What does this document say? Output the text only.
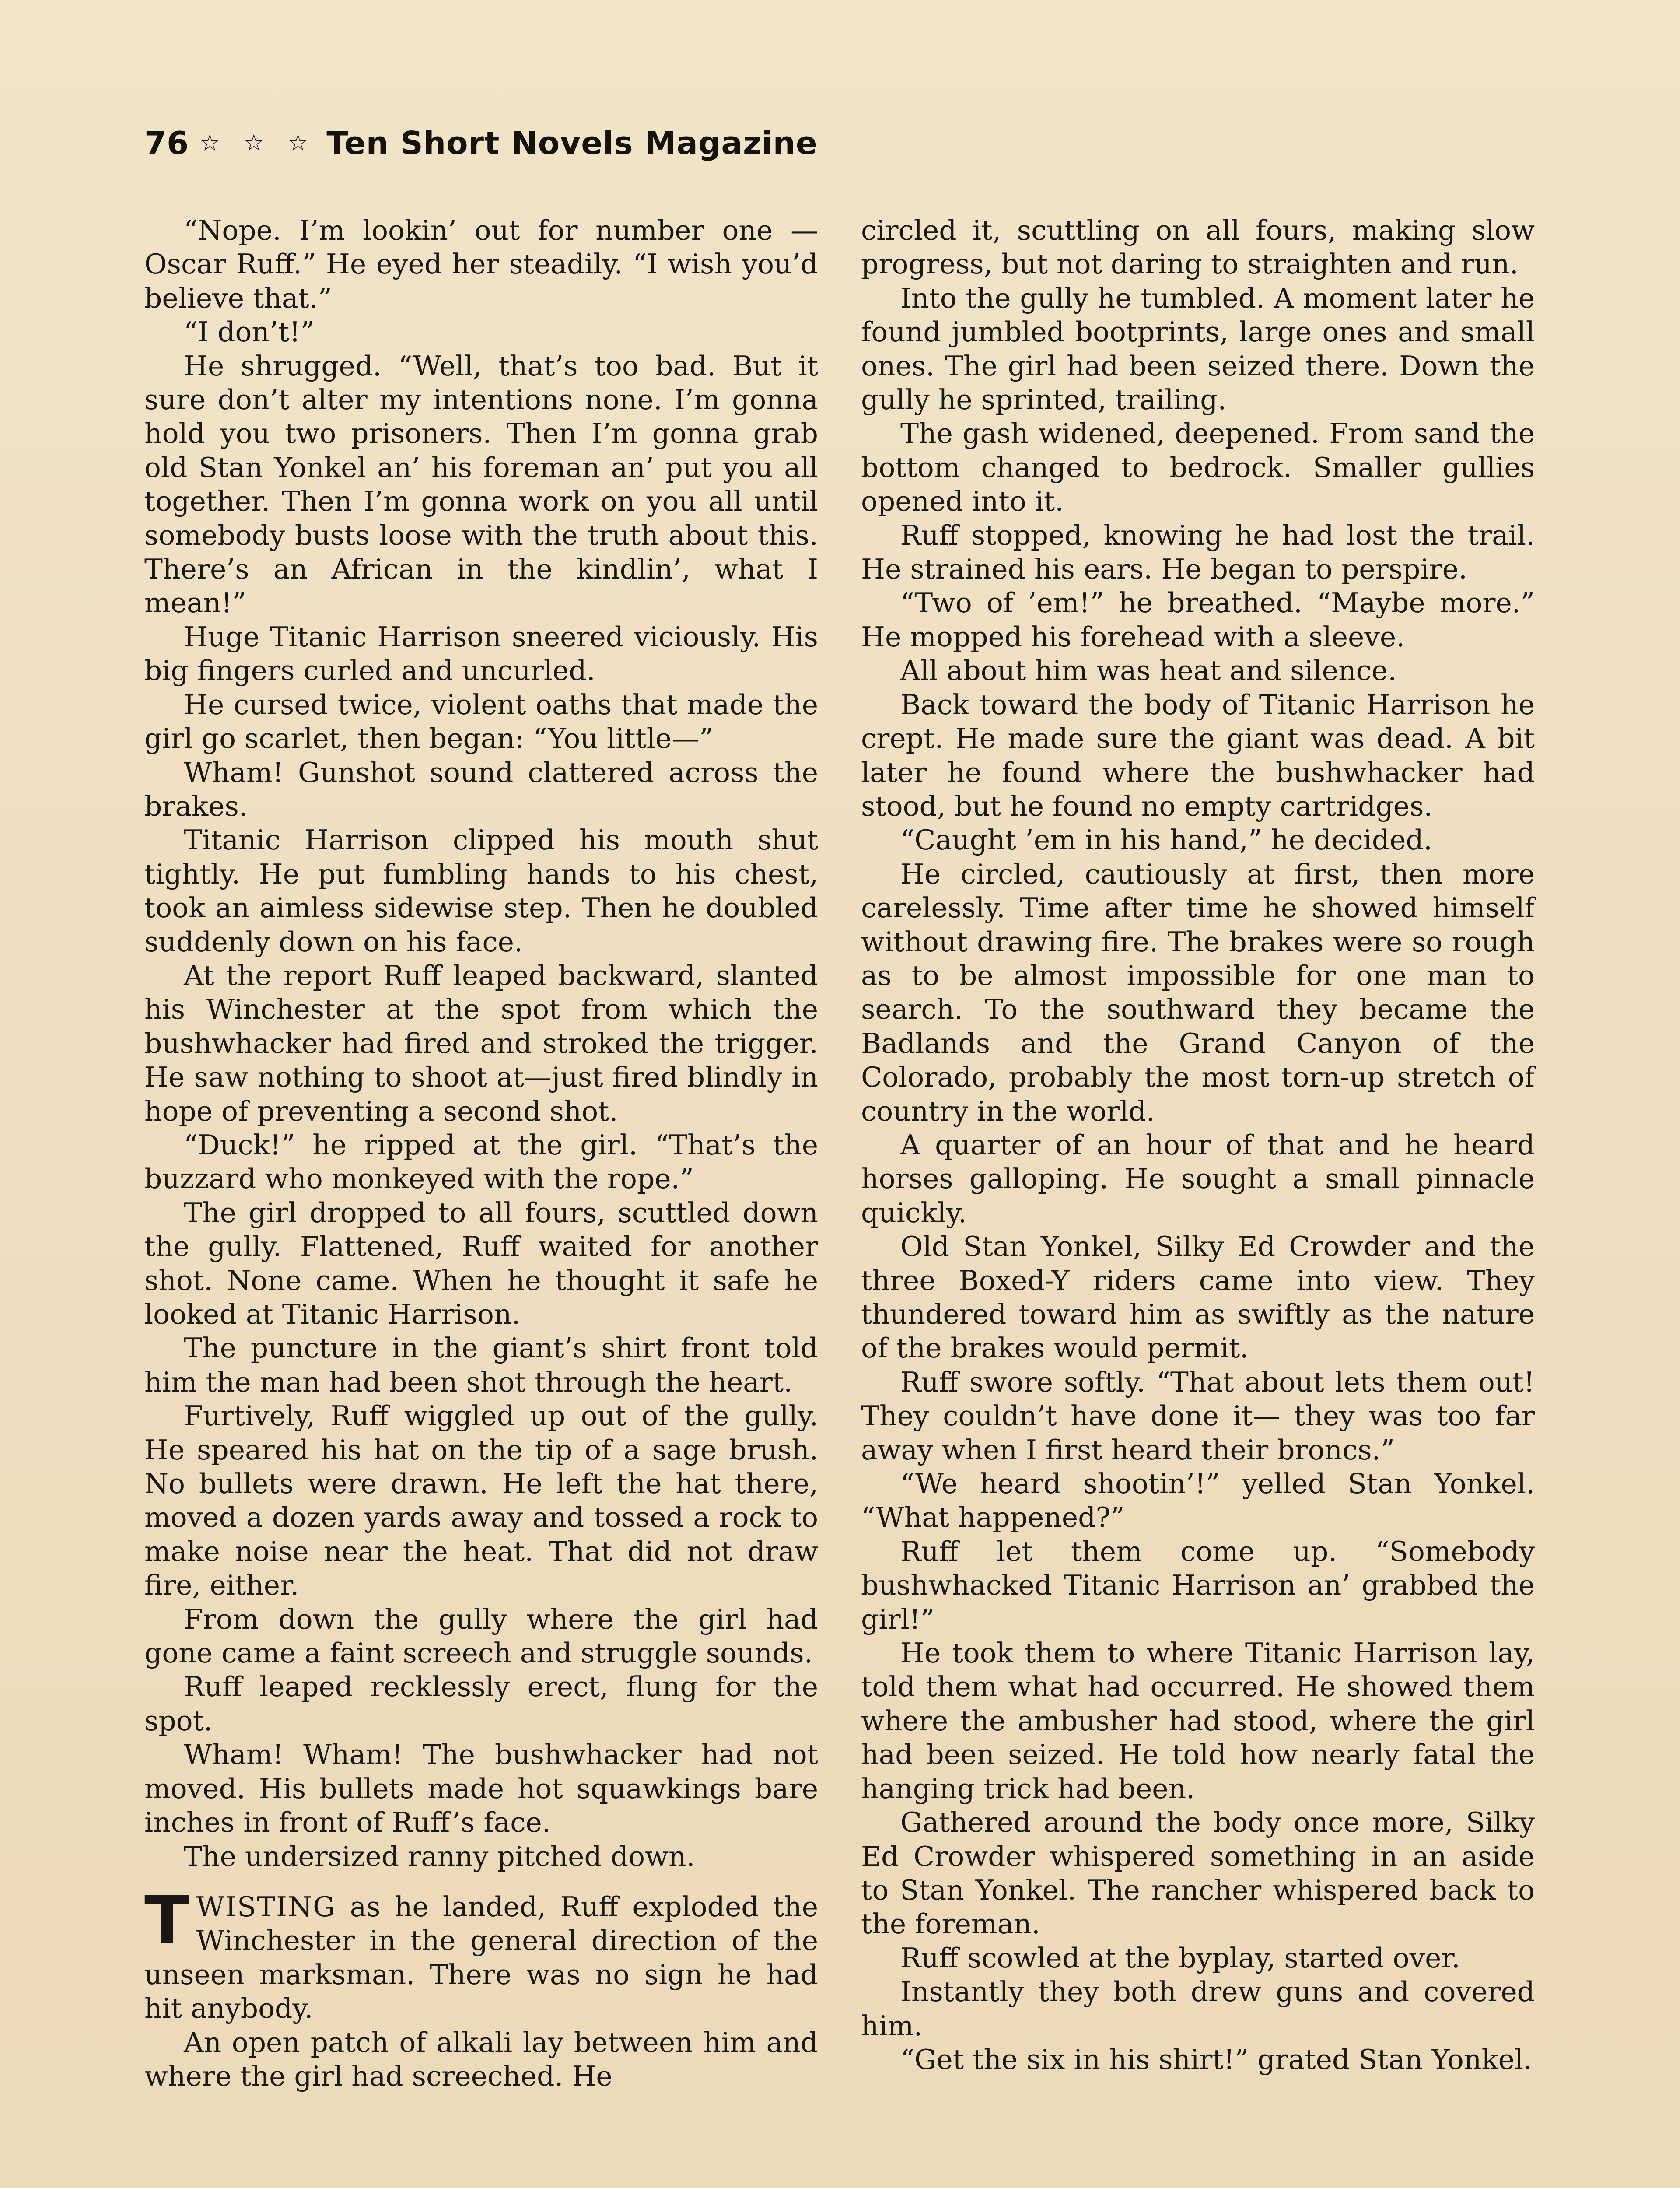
76 ☆ ☆ ☆ Ten Short Novels Magazine

“Nope. I’m lookin’ out for number one —Oscar Ruff.” He eyed her steadily. “I wish you’d believe that.”

“I don’t!”

He shrugged. “Well, that’s too bad. But it sure don’t alter my intentions none. I’m gonna hold you two prisoners. Then I’m gonna grab old Stan Yonkel an’ his foreman an’ put you all together. Then I’m gonna work on you all until somebody busts loose with the truth about this. There’s an African in the kindlin’, what I mean!”

Huge Titanic Harrison sneered viciously. His big fingers curled and uncurled.

He cursed twice, violent oaths that made the girl go scarlet, then began: “You little—”

Wham! Gunshot sound clattered across the brakes.

Titanic Harrison clipped his mouth shut tightly. He put fumbling hands to his chest, took an aimless sidewise step. Then he doubled suddenly down on his face.

At the report Ruff leaped backward, slanted his Winchester at the spot from which the bushwhacker had fired and stroked the trigger. He saw nothing to shoot at—just fired blindly in hope of preventing a second shot.

“Duck!” he ripped at the girl. “That’s the buzzard who monkeyed with the rope.”

The girl dropped to all fours, scuttled down the gully. Flattened, Ruff waited for another shot. None came. When he thought it safe he looked at Titanic Harrison.

The puncture in the giant’s shirt front told him the man had been shot through the heart.

Furtively, Ruff wiggled up out of the gully. He speared his hat on the tip of a sage brush. No bullets were drawn. He left the hat there, moved a dozen yards away and tossed a rock to make noise near the heat. That did not draw fire, either.

From down the gully where the girl had gone came a faint screech and struggle sounds.

Ruff leaped recklessly erect, flung for the spot.

Wham! Wham! The bushwhacker had not moved. His bullets made hot squawkings bare inches in front of Ruff’s face.

The undersized ranny pitched down.

TWISTING as he landed, Ruff exploded the Winchester in the general direction of the unseen marksman. There was no sign he had hit anybody.

An open patch of alkali lay between him and where the girl had screeched. He

circled it, scuttling on all fours, making slow progress, but not daring to straighten and run.

Into the gully he tumbled. A moment later he found jumbled bootprints, large ones and small ones. The girl had been seized there. Down the gully he sprinted, trailing.

The gash widened, deepened. From sand the bottom changed to bedrock. Smaller gullies opened into it.

Ruff stopped, knowing he had lost the trail. He strained his ears. He began to perspire.

“Two of ’em!” he breathed. “Maybe more.” He mopped his forehead with a sleeve.

All about him was heat and silence.

Back toward the body of Titanic Harrison he crept. He made sure the giant was dead. A bit later he found where the bushwhacker had stood, but he found no empty cartridges.

“Caught ’em in his hand,” he decided.

He circled, cautiously at first, then more carelessly. Time after time he showed himself without drawing fire. The brakes were so rough as to be almost impossible for one man to search. To the southward they became the Badlands and the Grand Canyon of the Colorado, probably the most torn-up stretch of country in the world.

A quarter of an hour of that and he heard horses galloping. He sought a small pinnacle quickly.

Old Stan Yonkel, Silky Ed Crowder and the three Boxed-Y riders came into view. They thundered toward him as swiftly as the nature of the brakes would permit.

Ruff swore softly. “That about lets them out! They couldn’t have done it— they was too far away when I first heard their broncs.”

“We heard shootin’!” yelled Stan Yonkel. “What happened?”

Ruff let them come up. “Somebody bushwhacked Titanic Harrison an’ grabbed the girl!”

He took them to where Titanic Harrison lay, told them what had occurred. He showed them where the ambusher had stood, where the girl had been seized. He told how nearly fatal the hanging trick had been.

Gathered around the body once more, Silky Ed Crowder whispered something in an aside to Stan Yonkel. The rancher whispered back to the foreman.

Ruff scowled at the byplay, started over.

Instantly they both drew guns and covered him.

“Get the six in his shirt!” grated Stan Yonkel.
